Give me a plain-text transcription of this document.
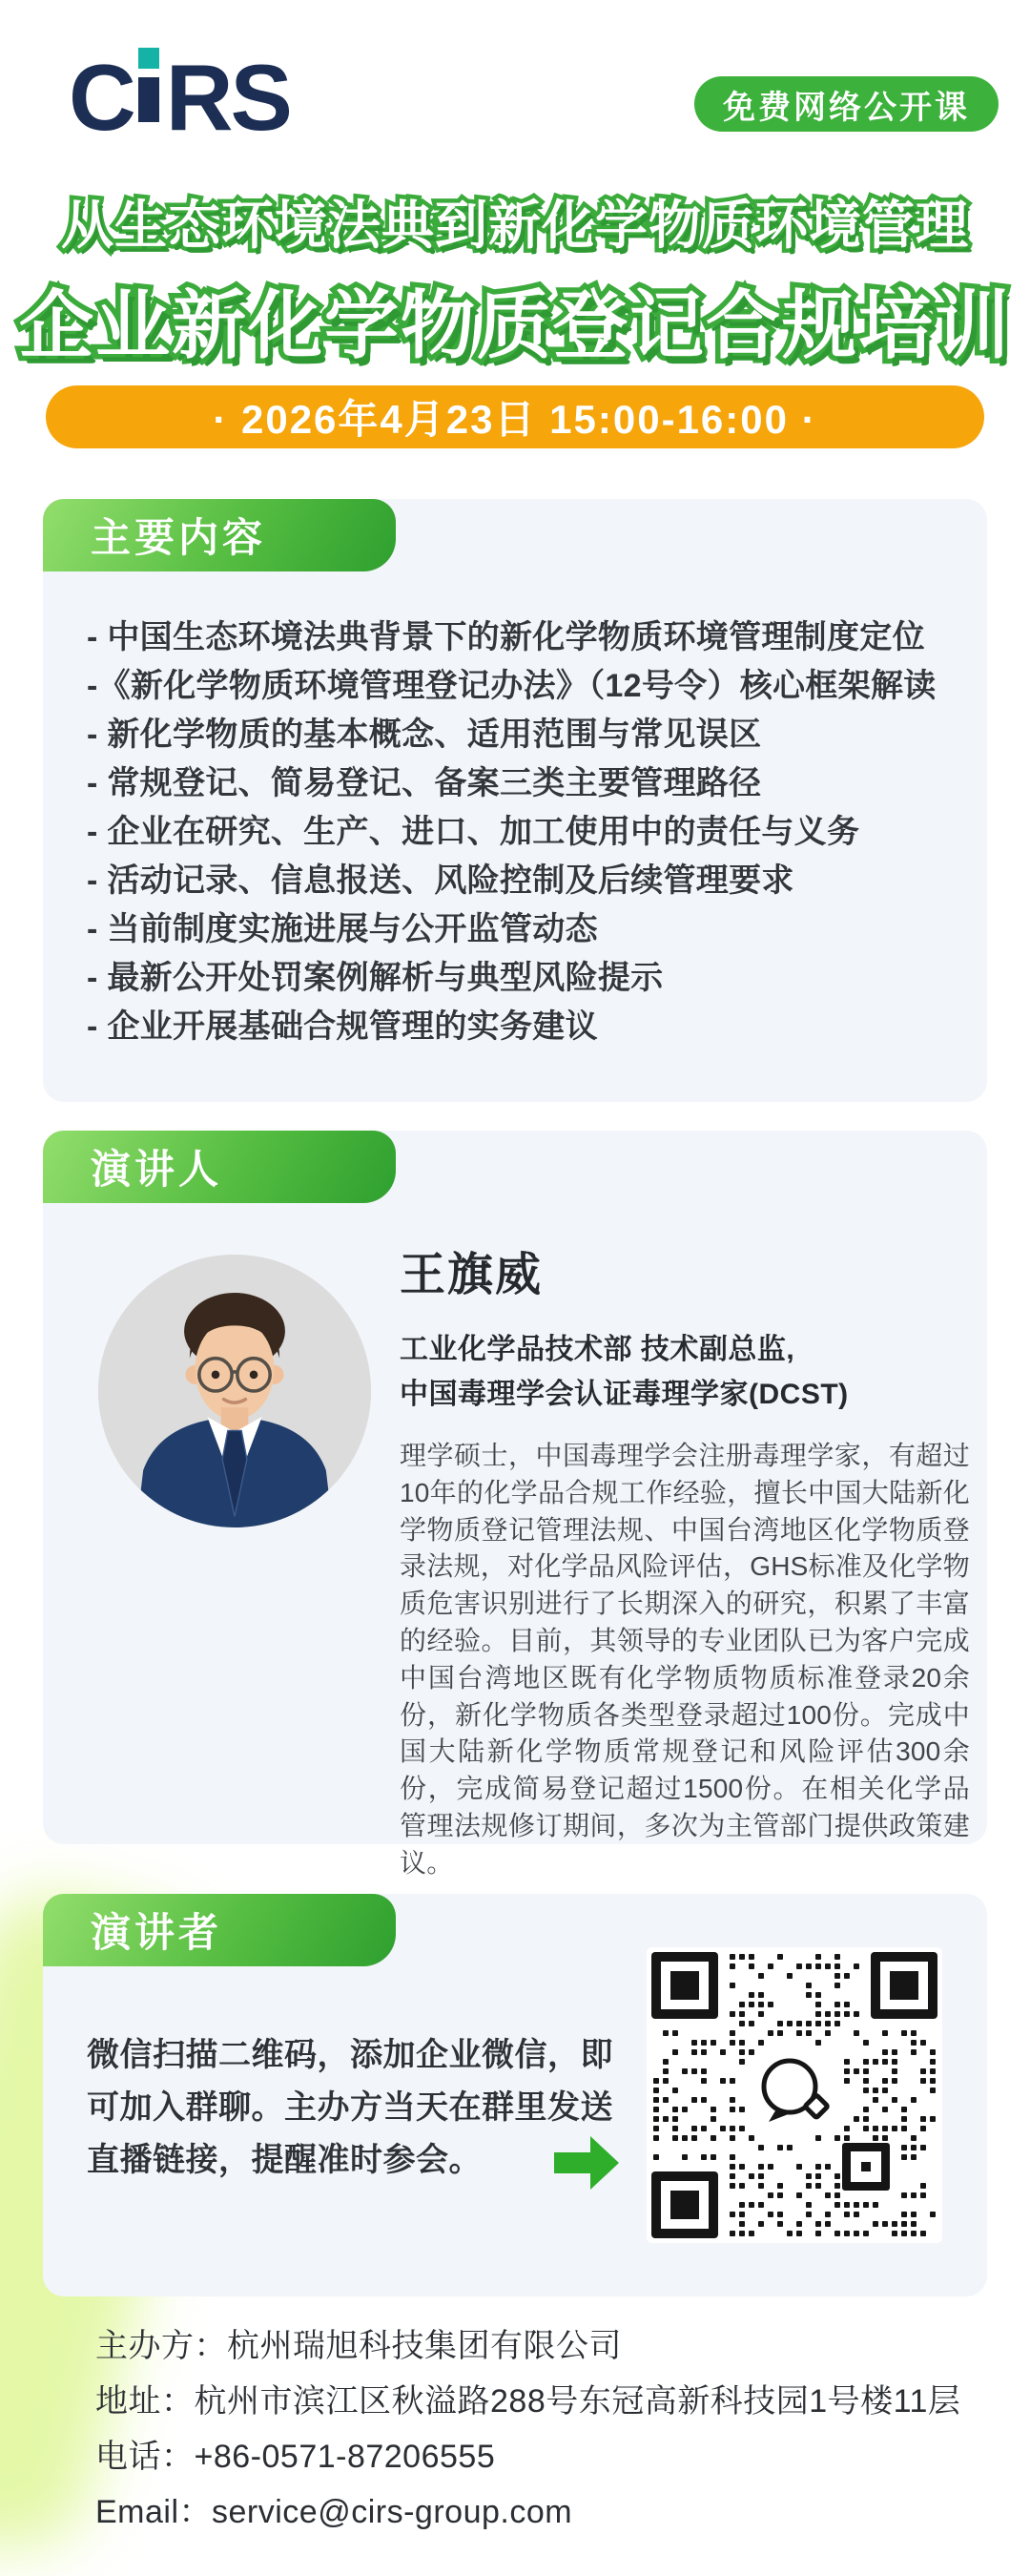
C RS	免费网络公开课
从生态环境法典到新化学物质环境管理
企业新化学物质登记合规培训
· 2026年4月23日 15:00-16:00 ·
主要内容
- 中国生态环境法典背景下的新化学物质环境管理制度定位
-《新化学物质环境管理登记办法》（12号令）核心框架解读
- 新化学物质的基本概念、适用范围与常见误区
- 常规登记、简易登记、备案三类主要管理路径
- 企业在研究、生产、进口、加工使用中的责任与义务
- 活动记录、信息报送、风险控制及后续管理要求
- 当前制度实施进展与公开监管动态
- 最新公开处罚案例解析与典型风险提示
- 企业开展基础合规管理的实务建议
演讲人
王旗威
工业化学品技术部 技术副总监,
中国毒理学会认证毒理学家(DCST)
理学硕士，中国毒理学会注册毒理学家，有超过10年的化学品合规工作经验，擅长中国大陆新化学物质登记管理法规、中国台湾地区化学物质登录法规，对化学品风险评估，GHS标准及化学物质危害识别进行了长期深入的研究，积累了丰富的经验。目前，其领导的专业团队已为客户完成中国台湾地区既有化学物质物质标准登录20余份，新化学物质各类型登录超过100份。完成中国大陆新化学物质常规登记和风险评估300余份，完成简易登记超过1500份。在相关化学品管理法规修订期间，多次为主管部门提供政策建议。
演讲者
微信扫描二维码，添加企业微信，即可加入群聊。主办方当天在群里发送直播链接，提醒准时参会。
主办方：杭州瑞旭科技集团有限公司
地址：杭州市滨江区秋溢路288号东冠高新科技园1号楼11层
电话：+86-0571-87206555
Email：service@cirs-group.com
